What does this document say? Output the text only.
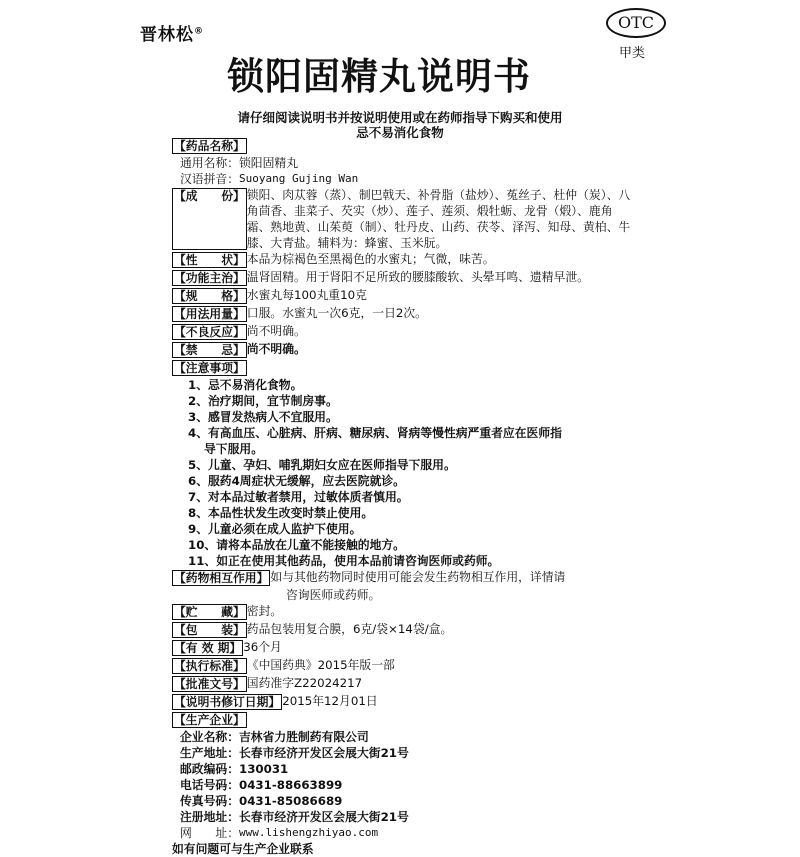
晋林松®	OTC
甲类
锁阳固精丸说明书
请仔细阅读说明书并按说明使用或在药师指导下购买和使用
忌不易消化食物
【药品名称】
通用名称： 锁阳固精丸
汉语拼音： Suoyang Gujing Wan
【成　　份】 锁阳、肉苁蓉（蒸）、制巴戟天、补骨脂（盐炒）、菟丝子、杜仲（炭）、八角茴香、韭菜子、芡实（炒）、莲子、莲须、煅牡蛎、龙骨（煅）、鹿角霜、熟地黄、山茱萸（制）、牡丹皮、山药、茯苓、泽泻、知母、黄柏、牛膝、大青盐。辅料为：蜂蜜、玉米朊。
【性　　状】 本品为棕褐色至黑褐色的水蜜丸；气微，味苦。
【功能主治】 温肾固精。用于肾阳不足所致的腰膝酸软、头晕耳鸣、遗精早泄。
【规　　格】 水蜜丸每100丸重10克
【用法用量】 口服。水蜜丸一次6克，一日2次。
【不良反应】 尚不明确。
【禁　　忌】 尚不明确。
【注意事项】
1、忌不易消化食物。
2、治疗期间，宜节制房事。
3、感冒发热病人不宜服用。
4、有高血压、心脏病、肝病、糖尿病、肾病等慢性病严重者应在医师指
导下服用。
5、儿童、孕妇、哺乳期妇女应在医师指导下服用。
6、服药4周症状无缓解，应去医院就诊。
7、对本品过敏者禁用，过敏体质者慎用。
8、本品性状发生改变时禁止使用。
9、儿童必须在成人监护下使用。
10、请将本品放在儿童不能接触的地方。
11、如正在使用其他药品，使用本品前请咨询医师或药师。
【药物相互作用】 如与其他药物同时使用可能会发生药物相互作用，详情请
咨询医师或药师。
【贮　　藏】 密封。
【包　　装】 药品包装用复合膜，6克/袋×14袋/盒。
【有 效 期】 36个月
【执行标准】 《中国药典》2015年版一部
【批准文号】 国药准字Z22024217
【说明书修订日期】 2015年12月01日
【生产企业】
企业名称： 吉林省力胜制药有限公司
生产地址： 长春市经济开发区会展大街21号
邮政编码： 130031
电话号码： 0431-88663899
传真号码： 0431-85086689
注册地址： 长春市经济开发区会展大街21号
网　　址： www.lishengzhiyao.com
如有问题可与生产企业联系
